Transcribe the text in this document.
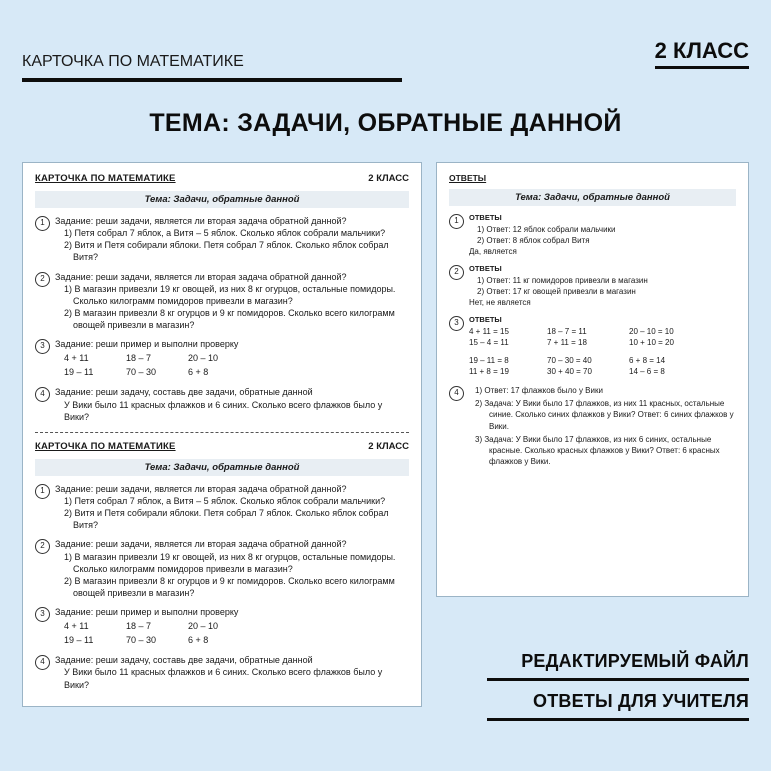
КАРТОЧКА ПО МАТЕМАТИКЕ	2 КЛАСС
ТЕМА: ЗАДАЧИ, ОБРАТНЫЕ ДАННОЙ
КАРТОЧКА ПО МАТЕМАТИКЕ	2 КЛАСС
Тема: Задачи, обратные данной
1	Задание: реши задачи, является ли вторая задача обратной данной?
1) Петя собрал 7 яблок, а Витя – 5 яблок. Сколько яблок собрали мальчики?
2) Витя и Петя собирали яблоки. Петя собрал 7 яблок. Сколько яблок собрал Витя?
2	Задание: реши задачи, является ли вторая задача обратной данной?
1) В магазин привезли 19 кг овощей, из них 8 кг огурцов, остальные помидоры. Сколько килограмм помидоров привезли в магазин?
2) В магазин привезли 8 кг огурцов и 9 кг помидоров. Сколько всего килограмм овощей привезли в магазин?
3	Задание: реши пример и выполни проверку
4 + 11	18 – 7	20 – 10
19 – 11	70 – 30	6 + 8
4	Задание: реши задачу, составь две задачи, обратные данной
У Вики было 11 красных флажков и 6 синих. Сколько всего флажков было у Вики?
КАРТОЧКА ПО МАТЕМАТИКЕ	2 КЛАСС
Тема: Задачи, обратные данной
1	Задание: реши задачи, является ли вторая задача обратной данной?
1) Петя собрал 7 яблок, а Витя – 5 яблок. Сколько яблок собрали мальчики?
2) Витя и Петя собирали яблоки. Петя собрал 7 яблок. Сколько яблок собрал Витя?
2	Задание: реши задачи, является ли вторая задача обратной данной?
1) В магазин привезли 19 кг овощей, из них 8 кг огурцов, остальные помидоры. Сколько килограмм помидоров привезли в магазин?
2) В магазин привезли 8 кг огурцов и 9 кг помидоров. Сколько всего килограмм овощей привезли в магазин?
3	Задание: реши пример и выполни проверку
4 + 11	18 – 7	20 – 10
19 – 11	70 – 30	6 + 8
4	Задание: реши задачу, составь две задачи, обратные данной
У Вики было 11 красных флажков и 6 синих. Сколько всего флажков было у Вики?
ОТВЕТЫ
Тема: Задачи, обратные данной
1	ОТВЕТЫ
1) Ответ: 12 яблок собрали мальчики
2) Ответ: 8 яблок собрал Витя
Да, является
2	ОТВЕТЫ
1) Ответ: 11 кг помидоров привезли в магазин
2) Ответ: 17 кг овощей привезли в магазин
Нет, не является
3	ОТВЕТЫ
4 + 11 = 15	18 – 7 = 11	20 – 10 = 10
15 – 4 = 11	7 + 11 = 18	10 + 10 = 20
19 – 11 = 8	70 – 30 = 40	6 + 8 = 14
11 + 8 = 19	30 + 40 = 70	14 – 6 = 8
4	1) Ответ: 17 флажков было у Вики
2) Задача: У Вики было 17 флажков, из них 11 красных, остальные синие. Сколько синих флажков у Вики? Ответ: 6 синих флажков у Вики.
3) Задача: У Вики было 17 флажков, из них 6 синих, остальные красные. Сколько красных флажков у Вики? Ответ: 6 красных флажков у Вики.
РЕДАКТИРУЕМЫЙ ФАЙЛ
ОТВЕТЫ ДЛЯ УЧИТЕЛЯ
